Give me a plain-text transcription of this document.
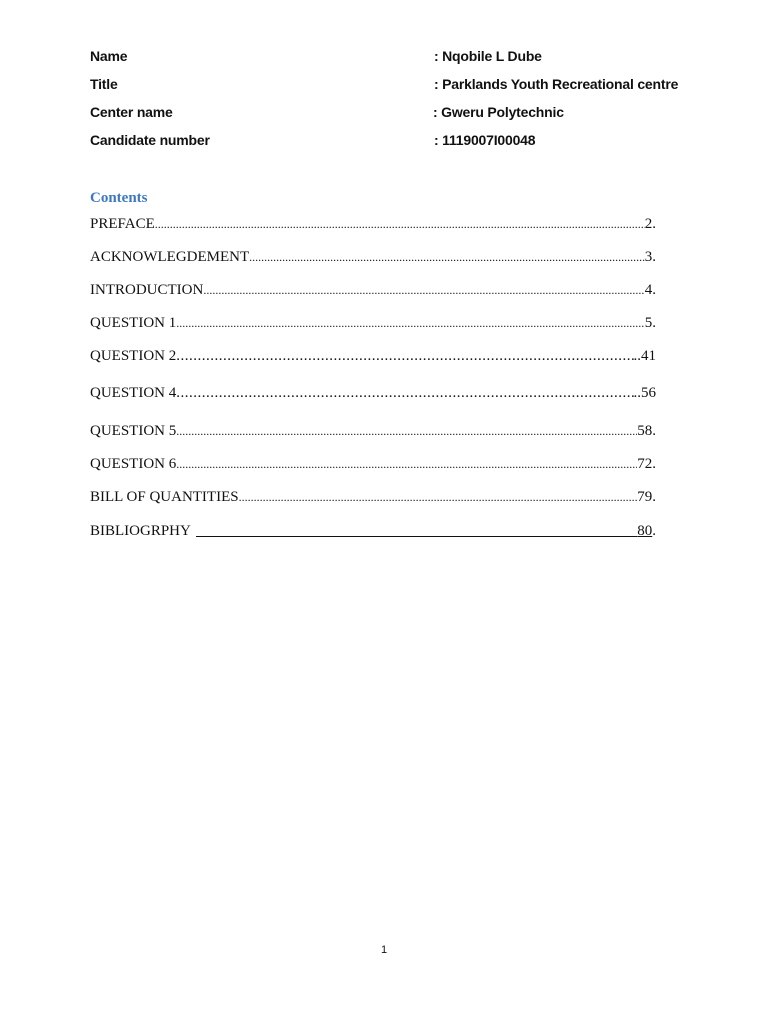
Name	: Nqobile L Dube
Title	: Parklands Youth Recreational centre
Center name	: Gweru Polytechnic
Candidate number	: 1119007I00048
Contents
PREFACE .....	2.
ACKNOWLEGDEMENT .....	3.
INTRODUCTION .....	4.
QUESTION 1 .....	5.
QUESTION 2 .....	..41
QUESTION 4 .....	..56
QUESTION 5 .....	58.
QUESTION 6 .....	72.
BILL OF QUANTITIES .....	79.
BIBLIOGRPHY	80 .
1
